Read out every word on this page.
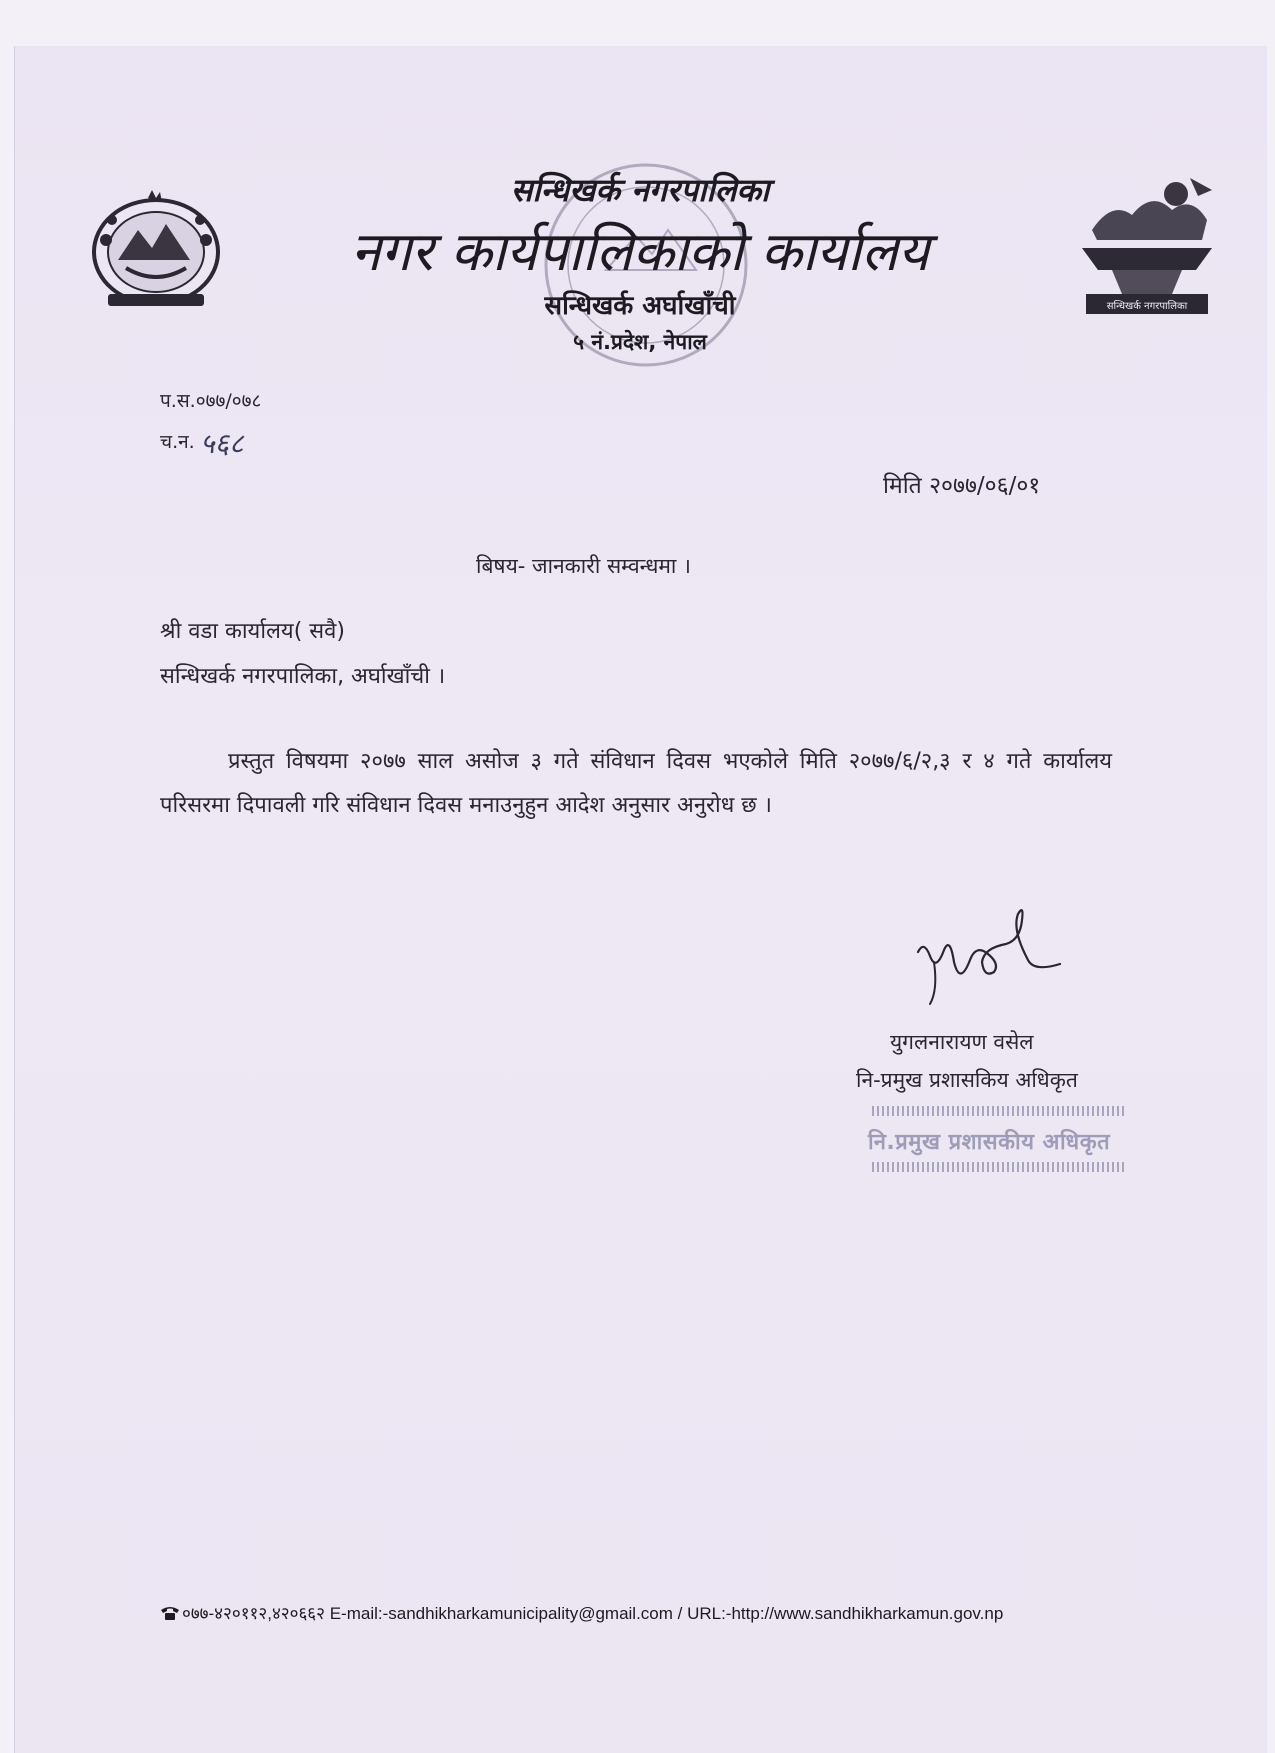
सन्धिखर्क नगरपालिका
सन्धिखर्क नगरपालिका
नगर कार्यपालिकाको कार्यालय
सन्धिखर्क अर्घाखाँची
५ नं.प्रदेश, नेपाल
प.स.०७७/०७८
च.न. ५६८
मिति २०७७/०६/०१
बिषय- जानकारी सम्वन्धमा ।
श्री वडा कार्यालय( सवै)
सन्धिखर्क नगरपालिका, अर्घाखाँची ।
प्रस्तुत विषयमा २०७७ साल असोज ३ गते संविधान दिवस भएकोले मिति २०७७/६/२,३ र ४ गते कार्यालय परिसरमा दिपावली गरि संविधान दिवस मनाउनुहुन आदेश अनुसार अनुरोध छ ।
युगलनारायण वसेल
नि-प्रमुख प्रशासकिय अधिकृत
नि.प्रमुख प्रशासकीय अधिकृत
०७७-४२०११२,४२०६६२ E-mail:-sandhikharkamunicipality@gmail.com / URL:-http://www.sandhikharkamun.gov.np
